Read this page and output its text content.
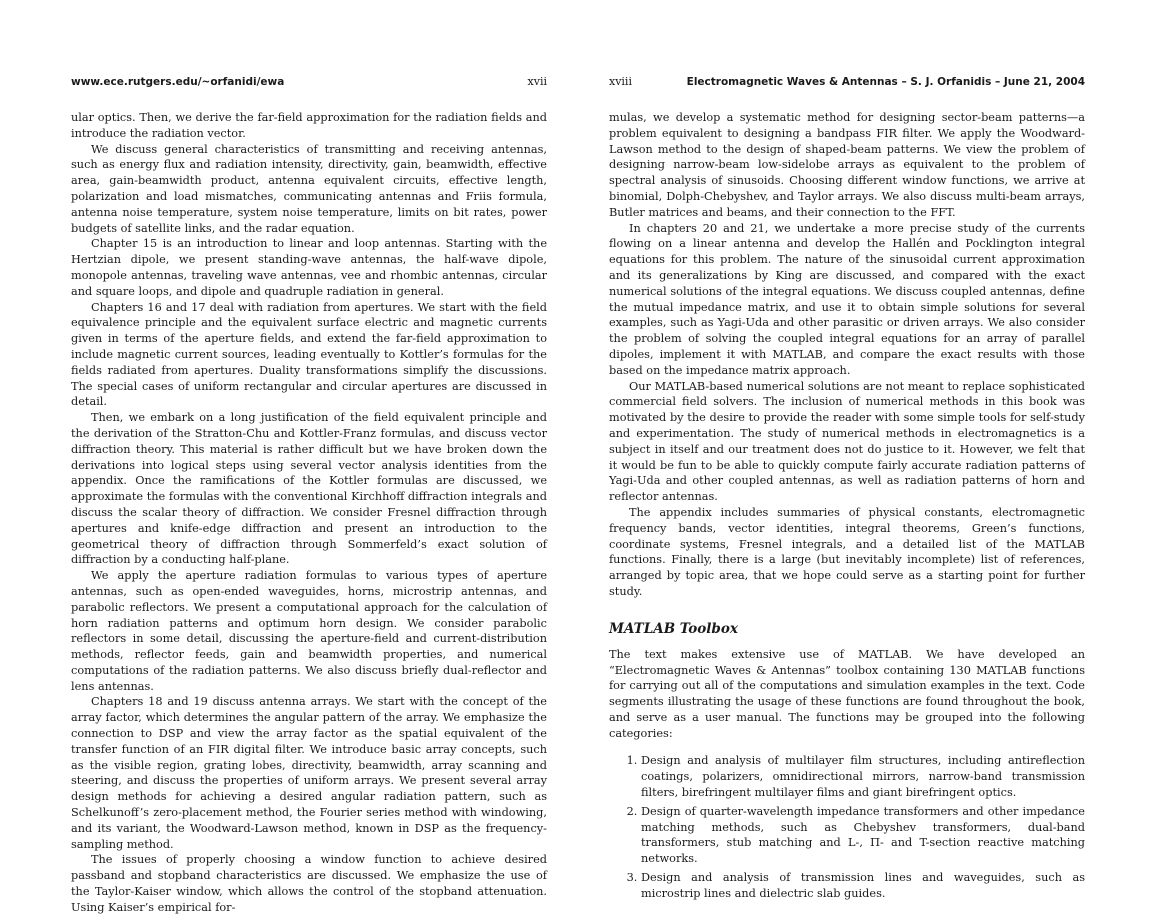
www.ece.rutgers.edu/~orfanidi/ewa	xvii

ular optics. Then, we derive the far-field approximation for the radiation fields and introduce the radiation vector.

We discuss general characteristics of transmitting and receiving antennas, such as energy flux and radiation intensity, directivity, gain, beamwidth, effective area, gain-beamwidth product, antenna equivalent circuits, effective length, polarization and load mismatches, communicating antennas and Friis formula, antenna noise temperature, system noise temperature, limits on bit rates, power budgets of satellite links, and the radar equation.

Chapter 15 is an introduction to linear and loop antennas. Starting with the Hertzian dipole, we present standing-wave antennas, the half-wave dipole, monopole antennas, traveling wave antennas, vee and rhombic antennas, circular and square loops, and dipole and quadruple radiation in general.

Chapters 16 and 17 deal with radiation from apertures. We start with the field equivalence principle and the equivalent surface electric and magnetic currents given in terms of the aperture fields, and extend the far-field approximation to include magnetic current sources, leading eventually to Kottler’s formulas for the fields radiated from apertures. Duality transformations simplify the discussions. The special cases of uniform rectangular and circular apertures are discussed in detail.

Then, we embark on a long justification of the field equivalent principle and the derivation of the Stratton-Chu and Kottler-Franz formulas, and discuss vector diffraction theory. This material is rather difficult but we have broken down the derivations into logical steps using several vector analysis identities from the appendix. Once the ramifications of the Kottler formulas are discussed, we approximate the formulas with the conventional Kirchhoff diffraction integrals and discuss the scalar theory of diffraction. We consider Fresnel diffraction through apertures and knife-edge diffraction and present an introduction to the geometrical theory of diffraction through Sommerfeld’s exact solution of diffraction by a conducting half-plane.

We apply the aperture radiation formulas to various types of aperture antennas, such as open-ended waveguides, horns, microstrip antennas, and parabolic reflectors. We present a computational approach for the calculation of horn radiation patterns and optimum horn design. We consider parabolic reflectors in some detail, discussing the aperture-field and current-distribution methods, reflector feeds, gain and beamwidth properties, and numerical computations of the radiation patterns. We also discuss briefly dual-reflector and lens antennas.

Chapters 18 and 19 discuss antenna arrays. We start with the concept of the array factor, which determines the angular pattern of the array. We emphasize the connection to DSP and view the array factor as the spatial equivalent of the transfer function of an FIR digital filter. We introduce basic array concepts, such as the visible region, grating lobes, directivity, beamwidth, array scanning and steering, and discuss the properties of uniform arrays. We present several array design methods for achieving a desired angular radiation pattern, such as Schelkunoff’s zero-placement method, the Fourier series method with windowing, and its variant, the Woodward-Lawson method, known in DSP as the frequency-sampling method.

The issues of properly choosing a window function to achieve desired passband and stopband characteristics are discussed. We emphasize the use of the Taylor-Kaiser window, which allows the control of the stopband attenuation. Using Kaiser’s empirical for-

xviii	Electromagnetic Waves & Antennas – S. J. Orfanidis – June 21, 2004

mulas, we develop a systematic method for designing sector-beam patterns—a problem equivalent to designing a bandpass FIR filter. We apply the Woodward-Lawson method to the design of shaped-beam patterns. We view the problem of designing narrow-beam low-sidelobe arrays as equivalent to the problem of spectral analysis of sinusoids. Choosing different window functions, we arrive at binomial, Dolph-Chebyshev, and Taylor arrays. We also discuss multi-beam arrays, Butler matrices and beams, and their connection to the FFT.

In chapters 20 and 21, we undertake a more precise study of the currents flowing on a linear antenna and develop the Hallén and Pocklington integral equations for this problem. The nature of the sinusoidal current approximation and its generalizations by King are discussed, and compared with the exact numerical solutions of the integral equations. We discuss coupled antennas, define the mutual impedance matrix, and use it to obtain simple solutions for several examples, such as Yagi-Uda and other parasitic or driven arrays. We also consider the problem of solving the coupled integral equations for an array of parallel dipoles, implement it with MATLAB, and compare the exact results with those based on the impedance matrix approach.

Our MATLAB-based numerical solutions are not meant to replace sophisticated commercial field solvers. The inclusion of numerical methods in this book was motivated by the desire to provide the reader with some simple tools for self-study and experimentation. The study of numerical methods in electromagnetics is a subject in itself and our treatment does not do justice to it. However, we felt that it would be fun to be able to quickly compute fairly accurate radiation patterns of Yagi-Uda and other coupled antennas, as well as radiation patterns of horn and reflector antennas.

The appendix includes summaries of physical constants, electromagnetic frequency bands, vector identities, integral theorems, Green’s functions, coordinate systems, Fresnel integrals, and a detailed list of the MATLAB functions. Finally, there is a large (but inevitably incomplete) list of references, arranged by topic area, that we hope could serve as a starting point for further study.

MATLAB Toolbox

The text makes extensive use of MATLAB. We have developed an “Electromagnetic Waves & Antennas” toolbox containing 130 MATLAB functions for carrying out all of the computations and simulation examples in the text. Code segments illustrating the usage of these functions are found throughout the book, and serve as a user manual. The functions may be grouped into the following categories:

1. Design and analysis of multilayer film structures, including antireflection coatings, polarizers, omnidirectional mirrors, narrow-band transmission filters, birefringent multilayer films and giant birefringent optics.
2. Design of quarter-wavelength impedance transformers and other impedance matching methods, such as Chebyshev transformers, dual-band transformers, stub matching and L-, Π- and T-section reactive matching networks.
3. Design and analysis of transmission lines and waveguides, such as microstrip lines and dielectric slab guides.
